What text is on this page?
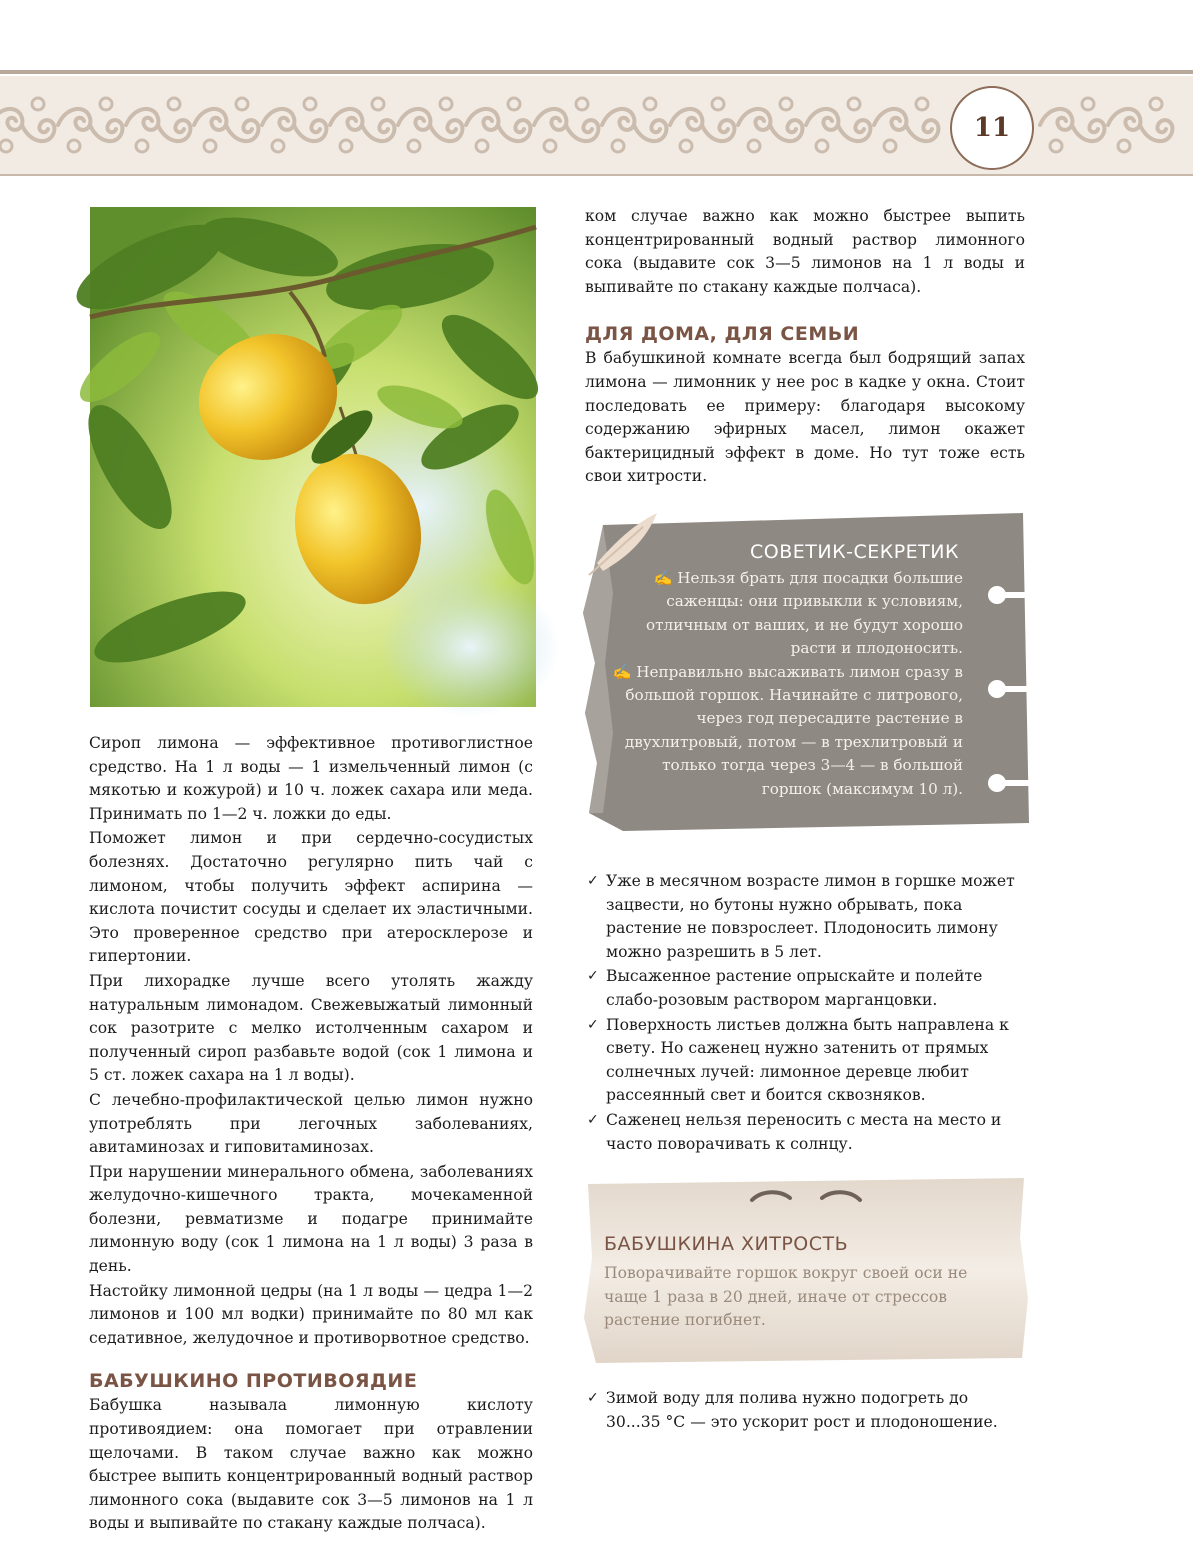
11

Сироп лимона — эффективное противоглистное средство. На 1 л воды — 1 измельченный лимон (с мякотью и кожурой) и 10 ч. ложек сахара или меда. Принимать по 1—2 ч. ложки до еды.

Поможет лимон и при сердечно-сосудистых болезнях. Достаточно регулярно пить чай с лимоном, чтобы получить эффект аспирина — кислота почистит сосуды и сделает их эластичными. Это проверенное средство при атеросклерозе и гипертонии.

При лихорадке лучше всего утолять жажду натуральным лимонадом. Свежевыжатый лимонный сок разотрите с мелко истолченным сахаром и полученный сироп разбавьте водой (сок 1 лимона и 5 ст. ложек сахара на 1 л воды).

С лечебно-профилактической целью лимон нужно употреблять при легочных заболеваниях, авитаминозах и гиповитаминозах.

При нарушении минерального обмена, заболеваниях желудочно-кишечного тракта, мочекаменной болезни, ревматизме и подагре принимайте лимонную воду (сок 1 лимона на 1 л воды) 3 раза в день.

Настойку лимонной цедры (на 1 л воды — цедра 1—2 лимонов и 100 мл водки) принимайте по 80 мл как седативное, желудочное и противорвотное средство.

БАБУШКИНО ПРОТИВОЯДИЕ

Бабушка называла лимонную кислоту противоядием: она помогает при отравлении щелочами. В таком случае важно как можно быстрее выпить концентрированный водный раствор лимонного сока (выдавите сок 3—5 лимонов на 1 л воды и выпивайте по стакану каждые полчаса).

ком случае важно как можно быстрее выпить концентрированный водный раствор лимонного сока (выдавите сок 3—5 лимонов на 1 л воды и выпивайте по стакану каждые полчаса).

ДЛЯ ДОМА, ДЛЯ СЕМЬИ

В бабушкиной комнате всегда был бодрящий запах лимона — лимонник у нее рос в кадке у окна. Стоит последовать ее примеру: благодаря высокому содержанию эфирных масел, лимон окажет бактерицидный эффект в доме. Но тут тоже есть свои хитрости.

СОВЕТИК-СЕКРЕТИК
✍ Нельзя брать для посадки большие саженцы: они привыкли к условиям, отличным от ваших, и не будут хорошо расти и плодоносить.
✍ Неправильно высаживать лимон сразу в большой горшок. Начинайте с литрового, через год пересадите растение в двухлитровый, потом — в трехлитровый и только тогда через 3—4 — в большой горшок (максимум 10 л).
✓ Уже в месячном возрасте лимон в горшке может зацвести, но бутоны нужно обрывать, пока растение не повзрослеет. Плодоносить лимону можно разрешить в 5 лет.
✓ Высаженное растение опрыскайте и полейте слабо-розовым раствором марганцовки.
✓ Поверхность листьев должна быть направлена к свету. Но саженец нужно затенить от прямых солнечных лучей: лимонное деревце любит рассеянный свет и боится сквозняков.
✓ Саженец нельзя переносить с места на место и часто поворачивать к солнцу.
БАБУШКИНА ХИТРОСТЬ
Поворачивайте горшок вокруг своей оси не чаще 1 раза в 20 дней, иначе от стрессов растение погибнет.
✓ Зимой воду для полива нужно подогреть до 30...35 °С — это ускорит рост и плодоношение.
